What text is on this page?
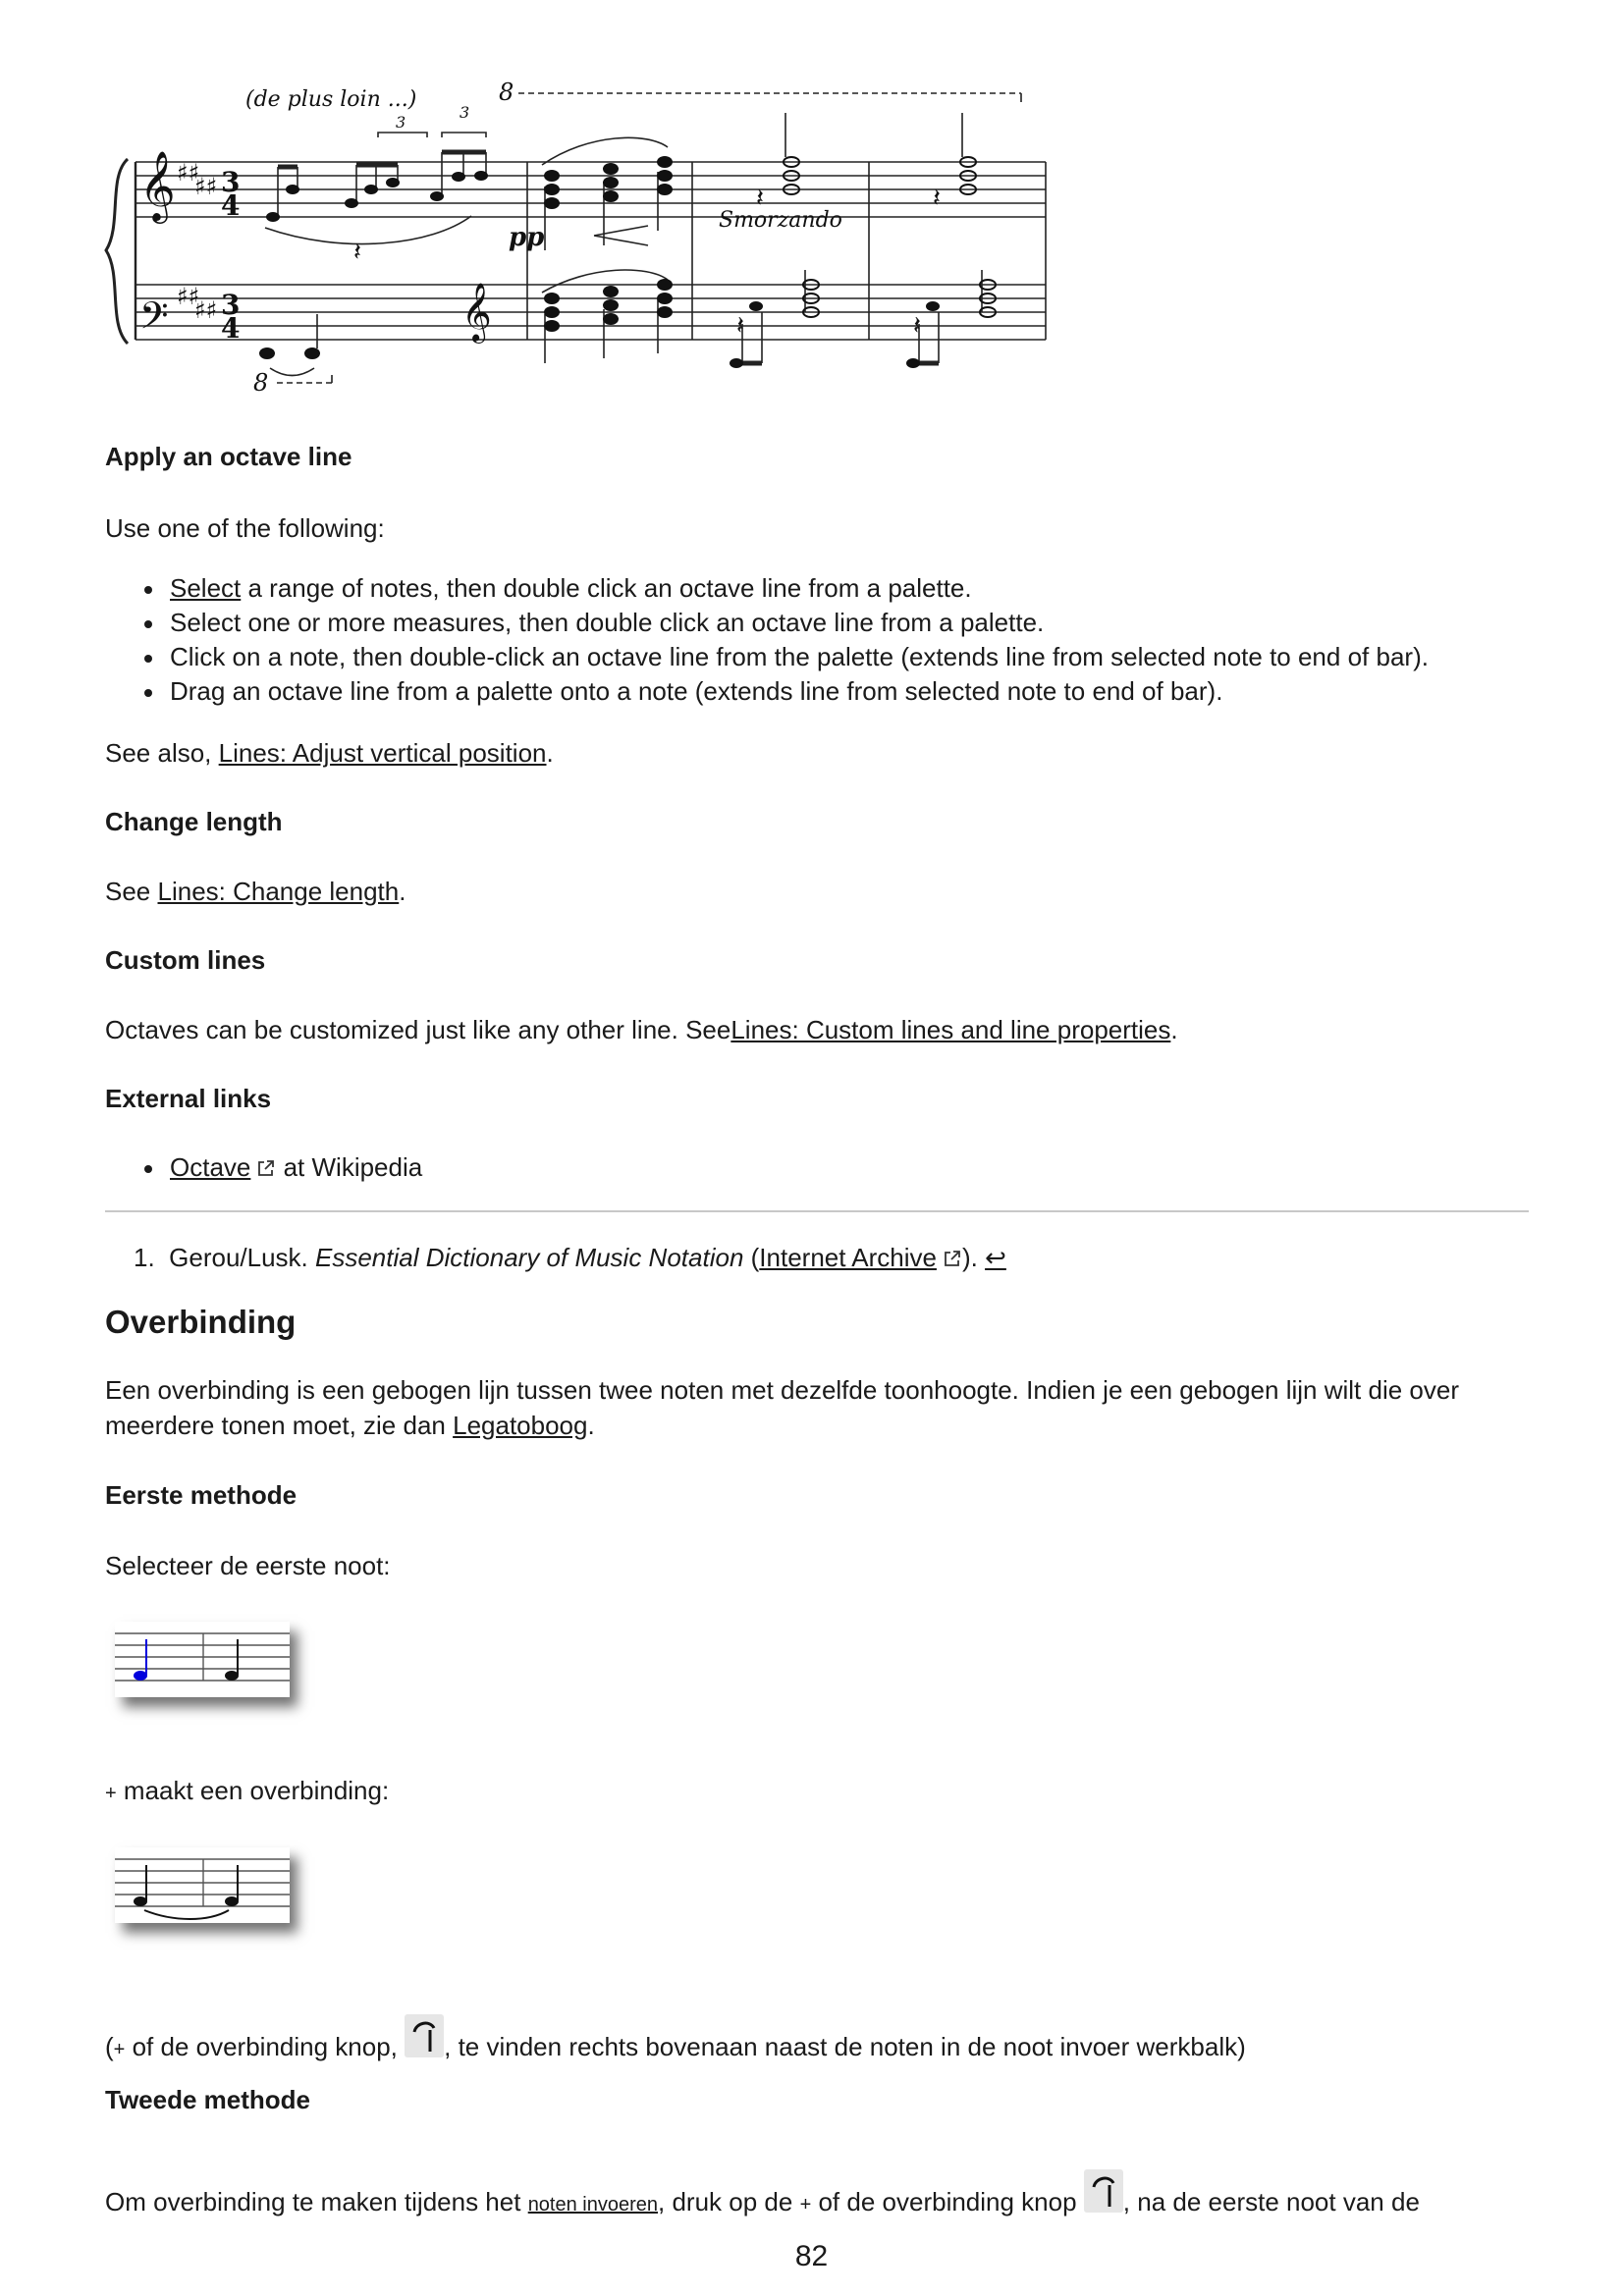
𝄞
𝄢	𝄞
3
4
3
4
♯♯
♯♯
♯♯
♯♯
𝄽
𝄽	𝄽
𝄽	𝄽
(de plus loin ...)
3
3
8
8
pp
Smorzando
Apply an octave line
Use one of the following:
Select a range of notes, then double click an octave line from a palette.
Select one or more measures, then double click an octave line from a palette.
Click on a note, then double-click an octave line from the palette (extends line from selected note to end of bar).
Drag an octave line from a palette onto a note (extends line from selected note to end of bar).
See also, Lines: Adjust vertical position.
Change length
See Lines: Change length.
Custom lines
Octaves can be customized just like any other line. SeeLines: Custom lines and line properties.
External links
Octave at Wikipedia
1. Gerou/Lusk. Essential Dictionary of Music Notation (Internet Archive ). ↩
Overbinding
Een overbinding is een gebogen lijn tussen twee noten met dezelfde toonhoogte. Indien je een gebogen lijn wilt die over
meerdere tonen moet, zie dan Legatoboog.
Eerste methode
Selecteer de eerste noot:
+ maakt een overbinding:
(+ of de overbinding knop, , te vinden rechts bovenaan naast de noten in de noot invoer werkbalk)
Tweede methode
Om overbinding te maken tijdens het noten invoeren, druk op de + of de overbinding knop , na de eerste noot van de
82
